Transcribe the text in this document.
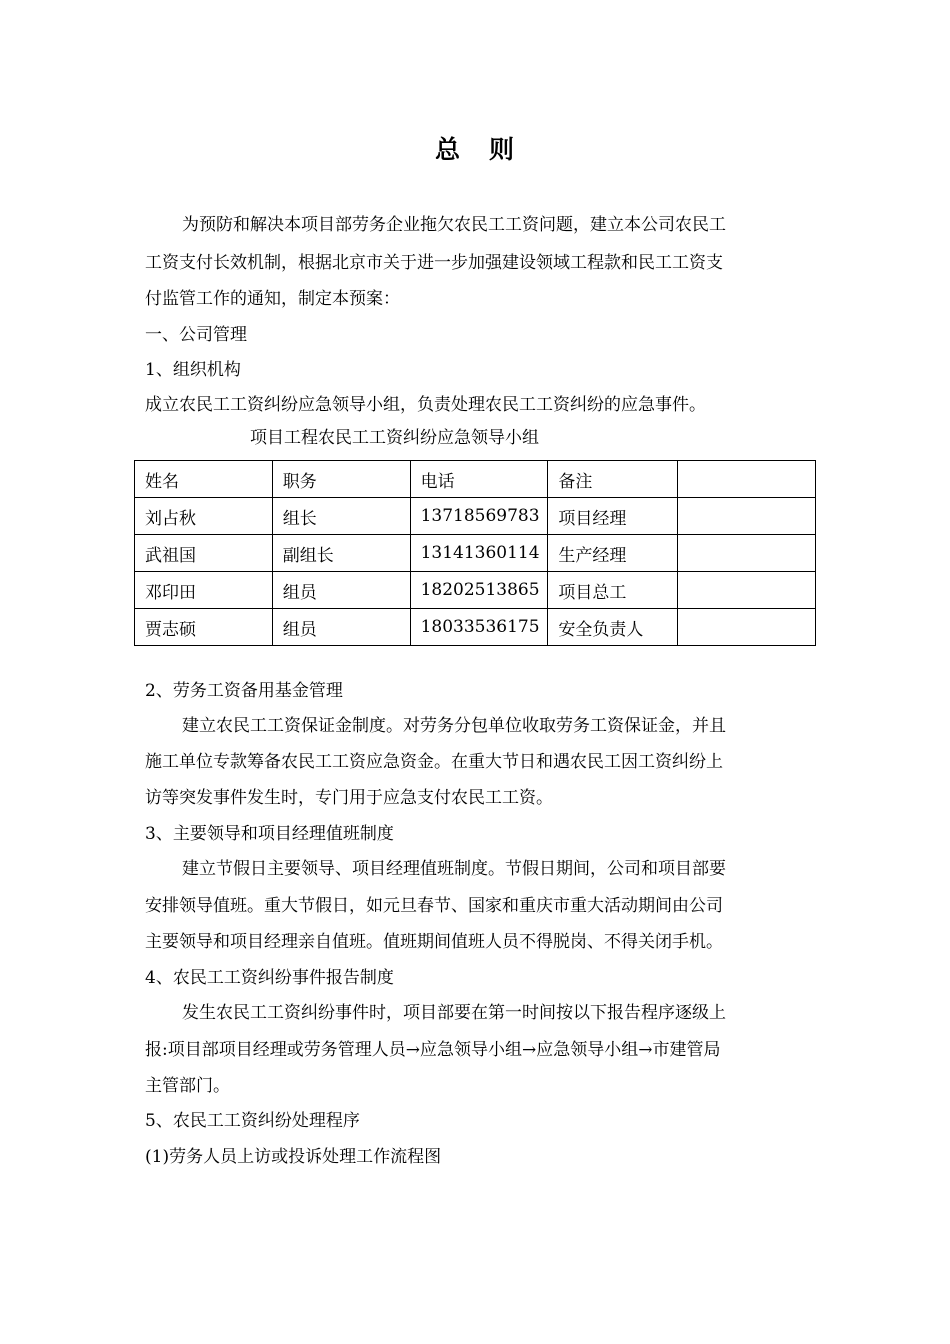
总 则
为预防和解决本项目部劳务企业拖欠农民工工资问题，建立本公司农民工
工资支付长效机制，根据北京市关于进一步加强建设领域工程款和民工工资支
付监管工作的通知，制定本预案：
一、公司管理
1、组织机构
成立农民工工资纠纷应急领导小组，负责处理农民工工资纠纷的应急事件。
项目工程农民工工资纠纷应急领导小组
姓名	职务	电话	备注	
刘占秋	组长	13718569783	项目经理	
武祖国	副组长	13141360114	生产经理	
邓印田	组员	18202513865	项目总工	
贾志硕	组员	18033536175	安全负责人	
2、劳务工资备用基金管理
建立农民工工资保证金制度。对劳务分包单位收取劳务工资保证金，并且
施工单位专款筹备农民工工资应急资金。在重大节日和遇农民工因工资纠纷上
访等突发事件发生时，专门用于应急支付农民工工资。
3、主要领导和项目经理值班制度
建立节假日主要领导、项目经理值班制度。节假日期间，公司和项目部要
安排领导值班。重大节假日，如元旦春节、国家和重庆市重大活动期间由公司
主要领导和项目经理亲自值班。值班期间值班人员不得脱岗、不得关闭手机。
4、农民工工资纠纷事件报告制度
发生农民工工资纠纷事件时，项目部要在第一时间按以下报告程序逐级上
报:项目部项目经理或劳务管理人员→应急领导小组→应急领导小组→市建管局
主管部门。
5、农民工工资纠纷处理程序
(1)劳务人员上访或投诉处理工作流程图
